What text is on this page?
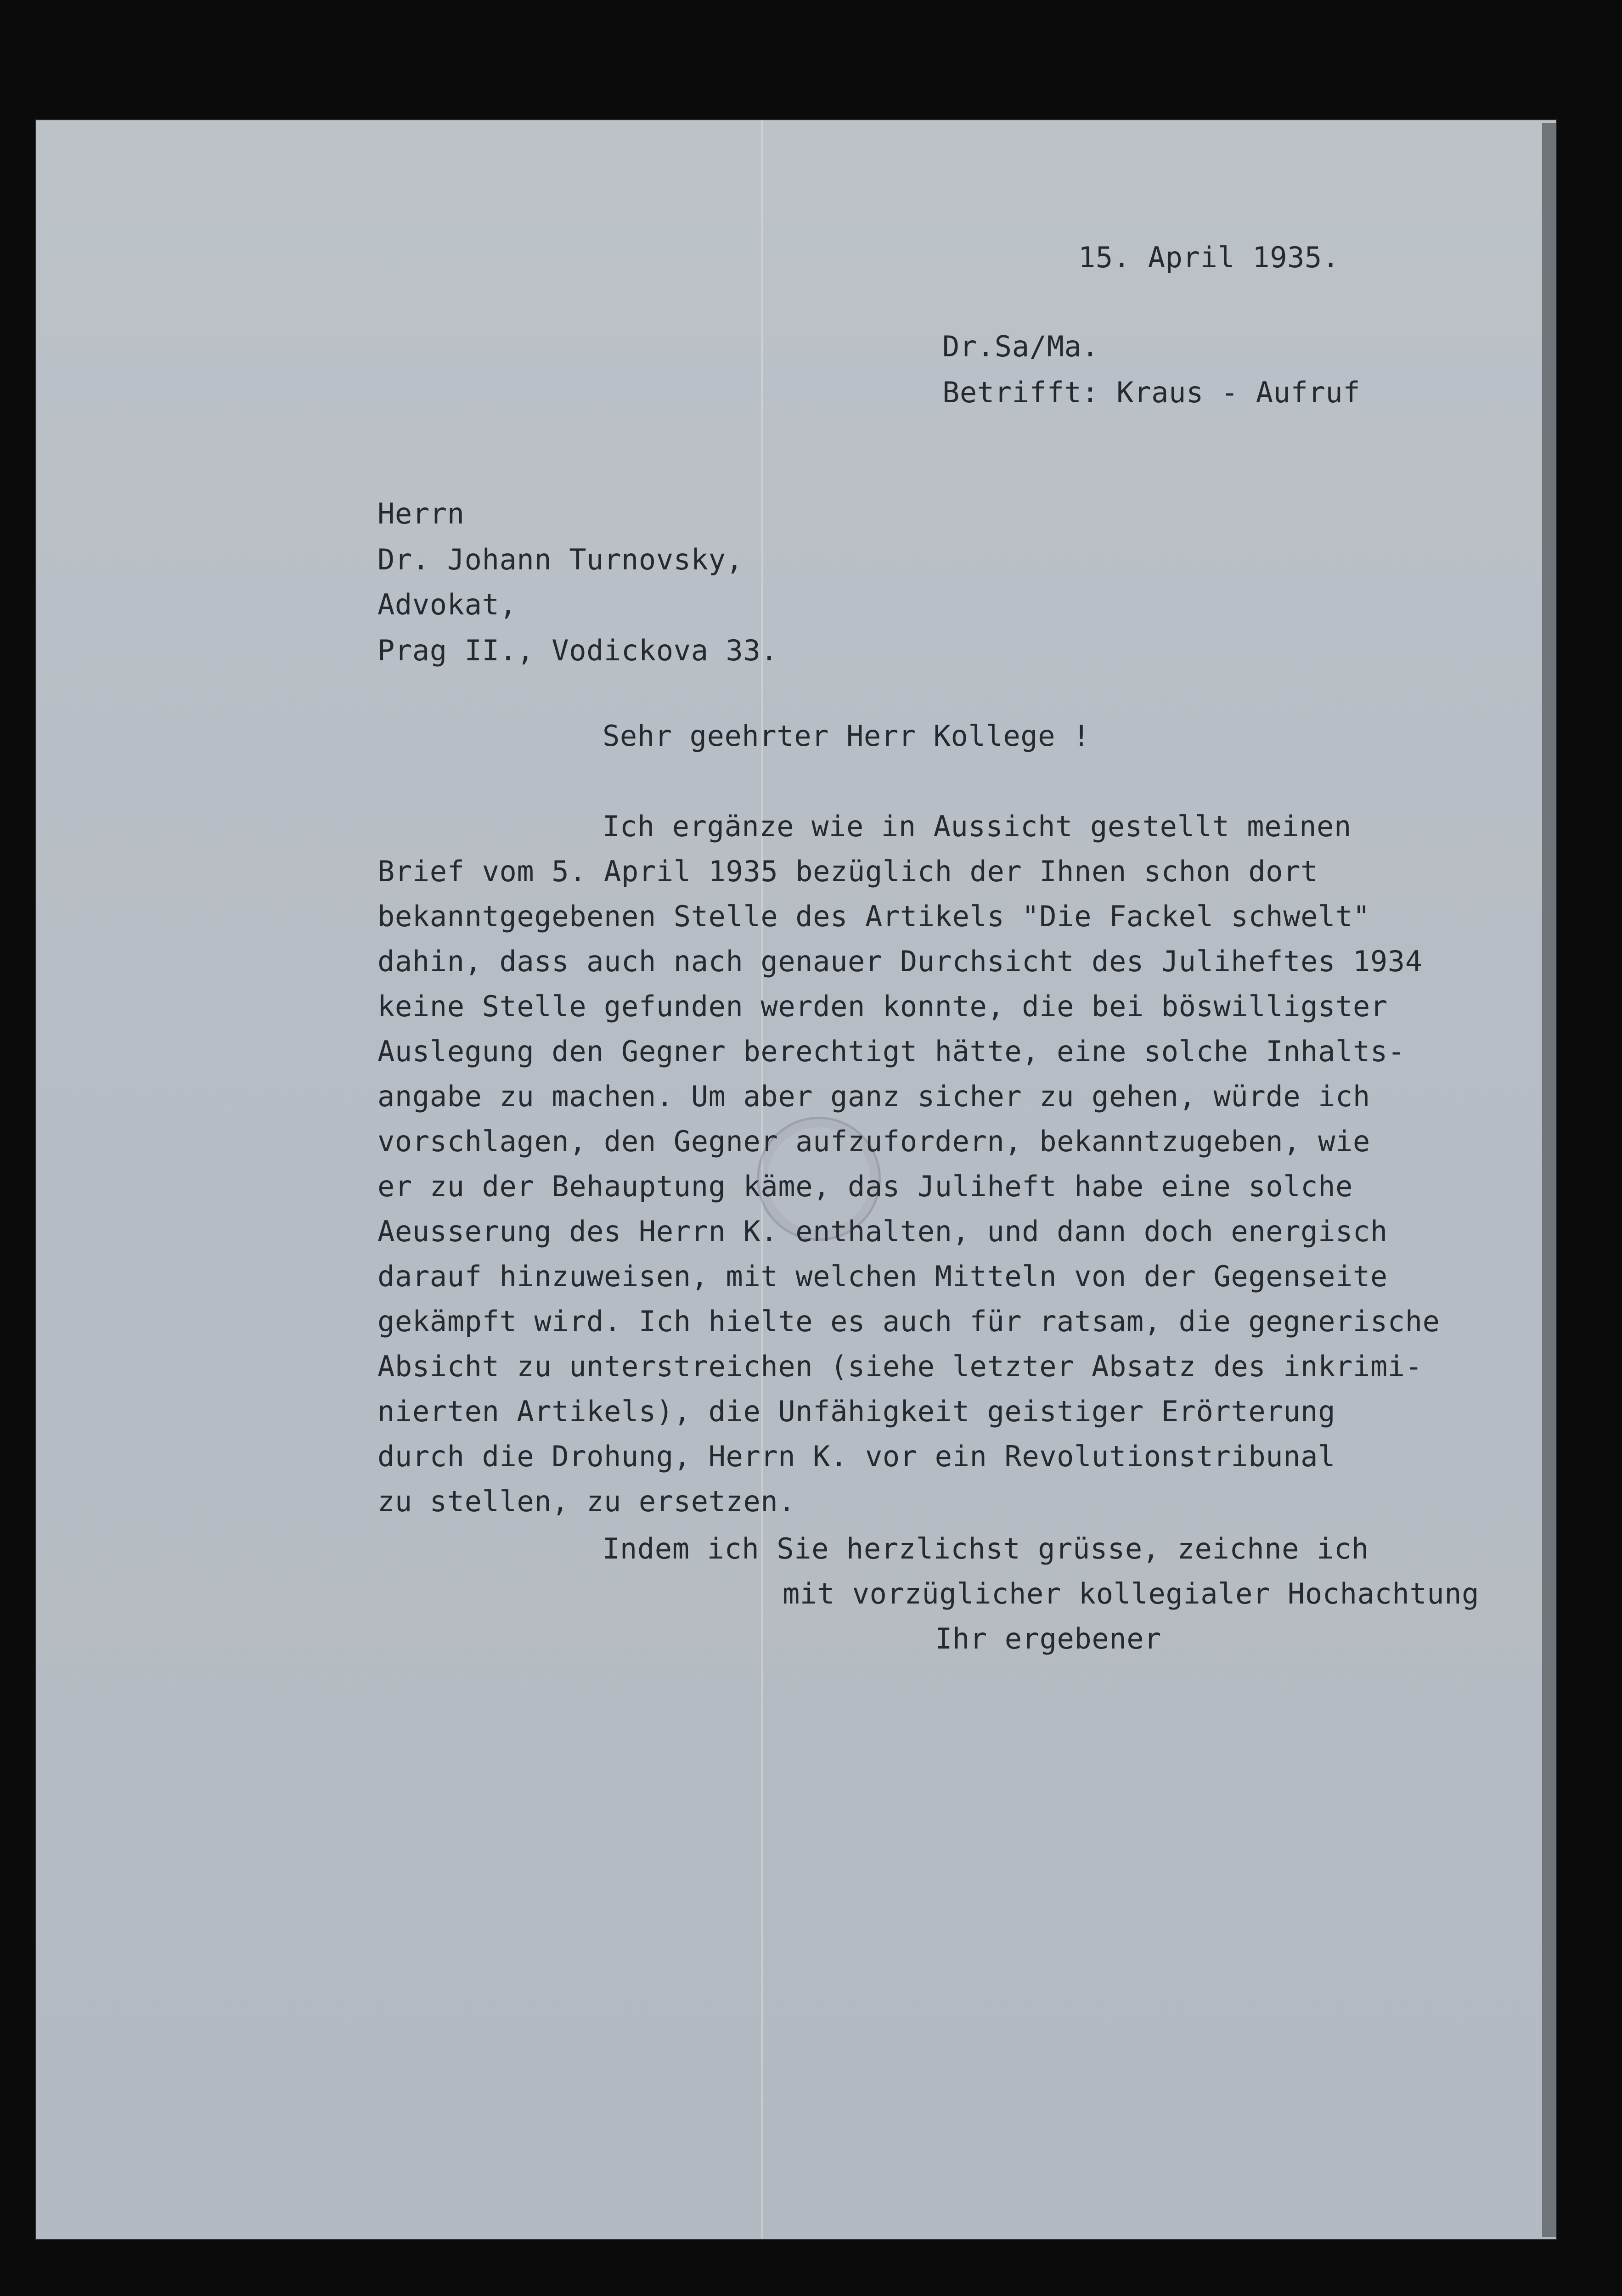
15. April 1935.

Dr.Sa/Ma.

Betrifft: Kraus - Aufruf

Herrn

Dr. Johann Turnovsky,

Advokat,

Prag II., Vodickova 33.

Sehr geehrter Herr Kollege !

Ich ergänze wie in Aussicht gestellt meinen

Brief vom 5. April 1935 bezüglich der Ihnen schon dort

bekanntgegebenen Stelle des Artikels "Die Fackel schwelt"

dahin, dass auch nach genauer Durchsicht des Juliheftes 1934

keine Stelle gefunden werden konnte, die bei böswilligster

Auslegung den Gegner berechtigt hätte, eine solche Inhalts-

angabe zu machen. Um aber ganz sicher zu gehen, würde ich

vorschlagen, den Gegner aufzufordern, bekanntzugeben, wie

er zu der Behauptung käme, das Juliheft habe eine solche

Aeusserung des Herrn K. enthalten, und dann doch energisch

darauf hinzuweisen, mit welchen Mitteln von der Gegenseite

gekämpft wird. Ich hielte es auch für ratsam, die gegnerische

Absicht zu unterstreichen (siehe letzter Absatz des inkrimi-

nierten Artikels), die Unfähigkeit geistiger Erörterung

durch die Drohung, Herrn K. vor ein Revolutionstribunal

zu stellen, zu ersetzen.

Indem ich Sie herzlichst grüsse, zeichne ich

mit vorzüglicher kollegialer Hochachtung

Ihr ergebener
